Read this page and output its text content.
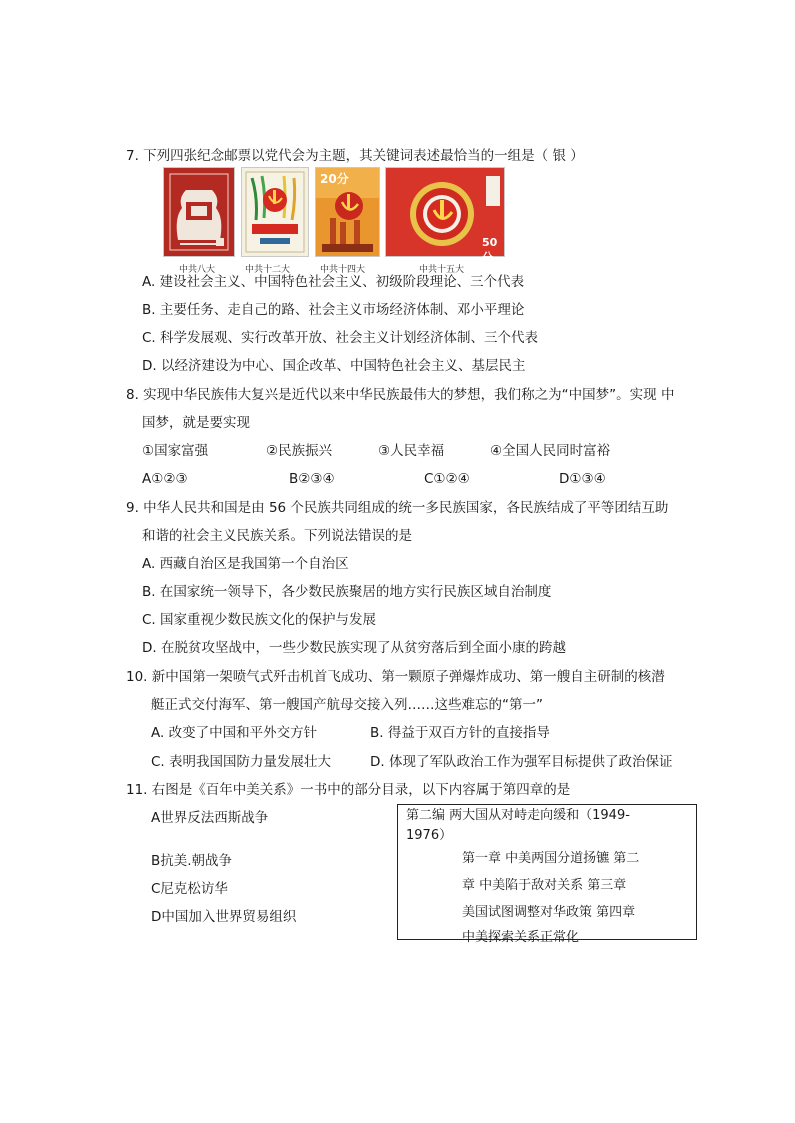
7. 下列四张纪念邮票以党代会为主题，其关键词表述最恰当的一组是（ 银 ）
20分
50分
中共八大	中共十二大	中共十四大	中共十五大
A. 建设社会主义、中国特色社会主义、初级阶段理论、三个代表
B. 主要任务、走自己的路、社会主义市场经济体制、邓小平理论
C. 科学发展观、实行改革开放、社会主义计划经济体制、三个代表
D. 以经济建设为中心、国企改革、中国特色社会主义、基层民主
8. 实现中华民族伟大复兴是近代以来中华民族最伟大的梦想，我们称之为“中国梦”。实现 中
国梦，就是要实现
①国家富强	②民族振兴	③人民幸福	④全国人民同时富裕
A①②③	B②③④	C①②④	D①③④
9. 中华人民共和国是由 56 个民族共同组成的统一多民族国家，各民族结成了平等团结互助
和谐的社会主义民族关系。下列说法错误的是
A. 西藏自治区是我国第一个自治区
B. 在国家统一领导下，各少数民族聚居的地方实行民族区域自治制度
C. 国家重视少数民族文化的保护与发展
D. 在脱贫攻坚战中，一些少数民族实现了从贫穷落后到全面小康的跨越
10. 新中国第一架喷气式歼击机首飞成功、第一颗原子弹爆炸成功、第一艘自主研制的核潜
艇正式交付海军、第一艘国产航母交接入列……这些难忘的“第一”
A. 改变了中国和平外交方针	B. 得益于双百方针的直接指导
C. 表明我国国防力量发展壮大	D. 体现了军队政治工作为强军目标提供了政治保证
11. 右图是《百年中美关系》一书中的部分目录，以下内容属于第四章的是
A世界反法西斯战争
B抗美.朝战争
C尼克松访华
D中国加入世界贸易组织
第二编 两大国从对峙走向缓和（1949-
1976）
第一章 中美两国分道扬镳 第二
章 中美陷于敌对关系 第三章
美国试图调整对华政策 第四章
中美探索关系正常化
